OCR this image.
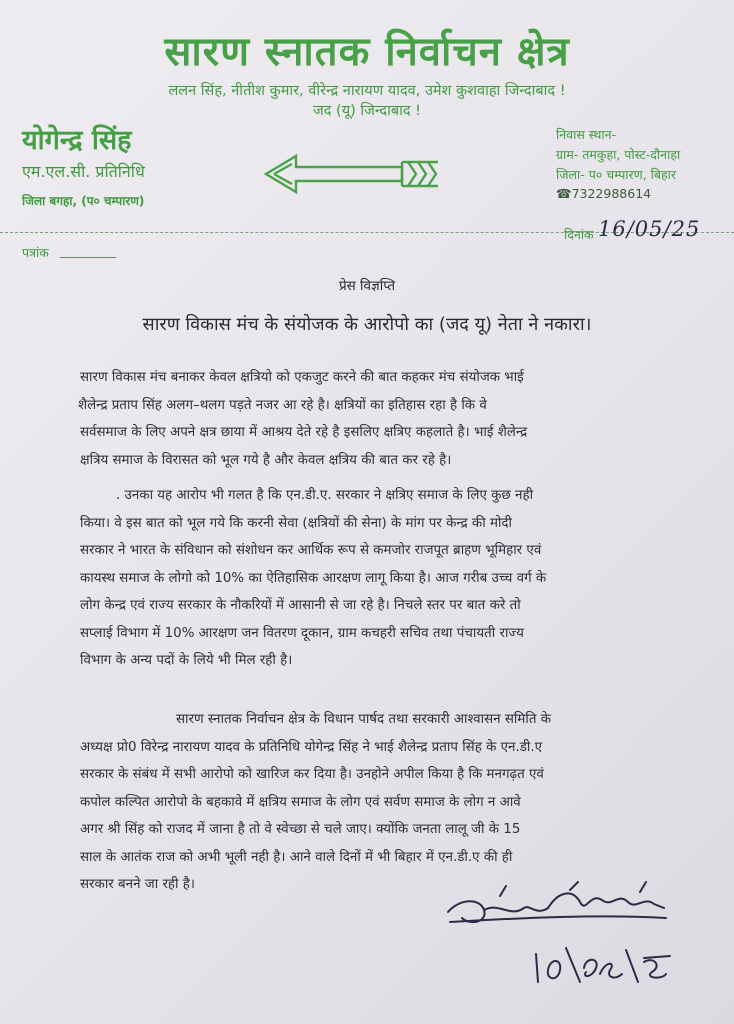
सारण स्नातक निर्वाचन क्षेत्र
ललन सिंह, नीतीश कुमार, वीरेन्द्र नारायण यादव, उमेश कुशवाहा जिन्दाबाद !
जद (यू) जिन्दाबाद !
योगेन्द्र सिंह
एम.एल.सी. प्रतिनिधि
जिला बगहा, (प० चम्पारण)
निवास स्थान-
ग्राम- तमकुहा, पोस्ट-दौनाहा
जिला- प० चम्पारण, बिहार
☎7322988614
पत्रांक
दिनांक 16/05/25
प्रेस विज्ञप्ति
सारण विकास मंच के संयोजक के आरोपो का (जद यू) नेता ने नकारा।
सारण विकास मंच बनाकर केवल क्षत्रियो को एकजुट करने की बात कहकर मंच संयोजक भाई
शैलेन्द्र प्रताप सिंह अलग–थलग पड़ते नजर आ रहे है। क्षत्रियों का इतिहास रहा है कि वे
सर्वसमाज के लिए अपने क्षत्र छाया में आश्रय देते रहे है इसलिए क्षत्रिए कहलाते है। भाई शैलेन्द्र
क्षत्रिय समाज के विरासत को भूल गये है और केवल क्षत्रिय की बात कर रहे है।
. उनका यह आरोप भी गलत है कि एन.डी.ए. सरकार ने क्षत्रिए समाज के लिए कुछ नही
किया। वे इस बात को भूल गये कि करनी सेवा (क्षत्रियों की सेना) के मांग पर केन्द्र की मोदी
सरकार ने भारत के संविधान को संशोधन कर आर्थिक रूप से कमजोर राजपूत ब्राहण भूमिहार एवं
कायस्थ समाज के लोगो को 10% का ऐतिहासिक आरक्षण लागू किया है। आज गरीब उच्च वर्ग के
लोग केन्द्र एवं राज्य सरकार के नौकरियों में आसानी से जा रहे है। निचले स्तर पर बात करे तो
सप्लाई विभाग में 10% आरक्षण जन वितरण दूकान, ग्राम कचहरी सचिव तथा पंचायती राज्य
विभाग के अन्य पदों के लिये भी मिल रही है।
सारण स्नातक निर्वाचन क्षेत्र के विधान पार्षद तथा सरकारी आश्वासन समिति के
अध्यक्ष प्रो0 विरेन्द्र नारायण यादव के प्रतिनिधि योगेन्द्र सिंह ने भाई शैलेन्द्र प्रताप सिंह के एन.डी.ए
सरकार के संबंध में सभी आरोपो को खारिज कर दिया है। उनहोने अपील किया है कि मनगढ़त एवं
कपोल कल्पित आरोपो के बहकावे में क्षत्रिय समाज के लोग एवं सर्वण समाज के लोग न आवे
अगर श्री सिंह को राजद में जाना है तो वे स्वेच्छा से चले जाए। क्योंकि जनता लालू जी के 15
साल के आतंक राज को अभी भूली नही है। आने वाले दिनों में भी बिहार में एन.डी.ए की ही
सरकार बनने जा रही है।
